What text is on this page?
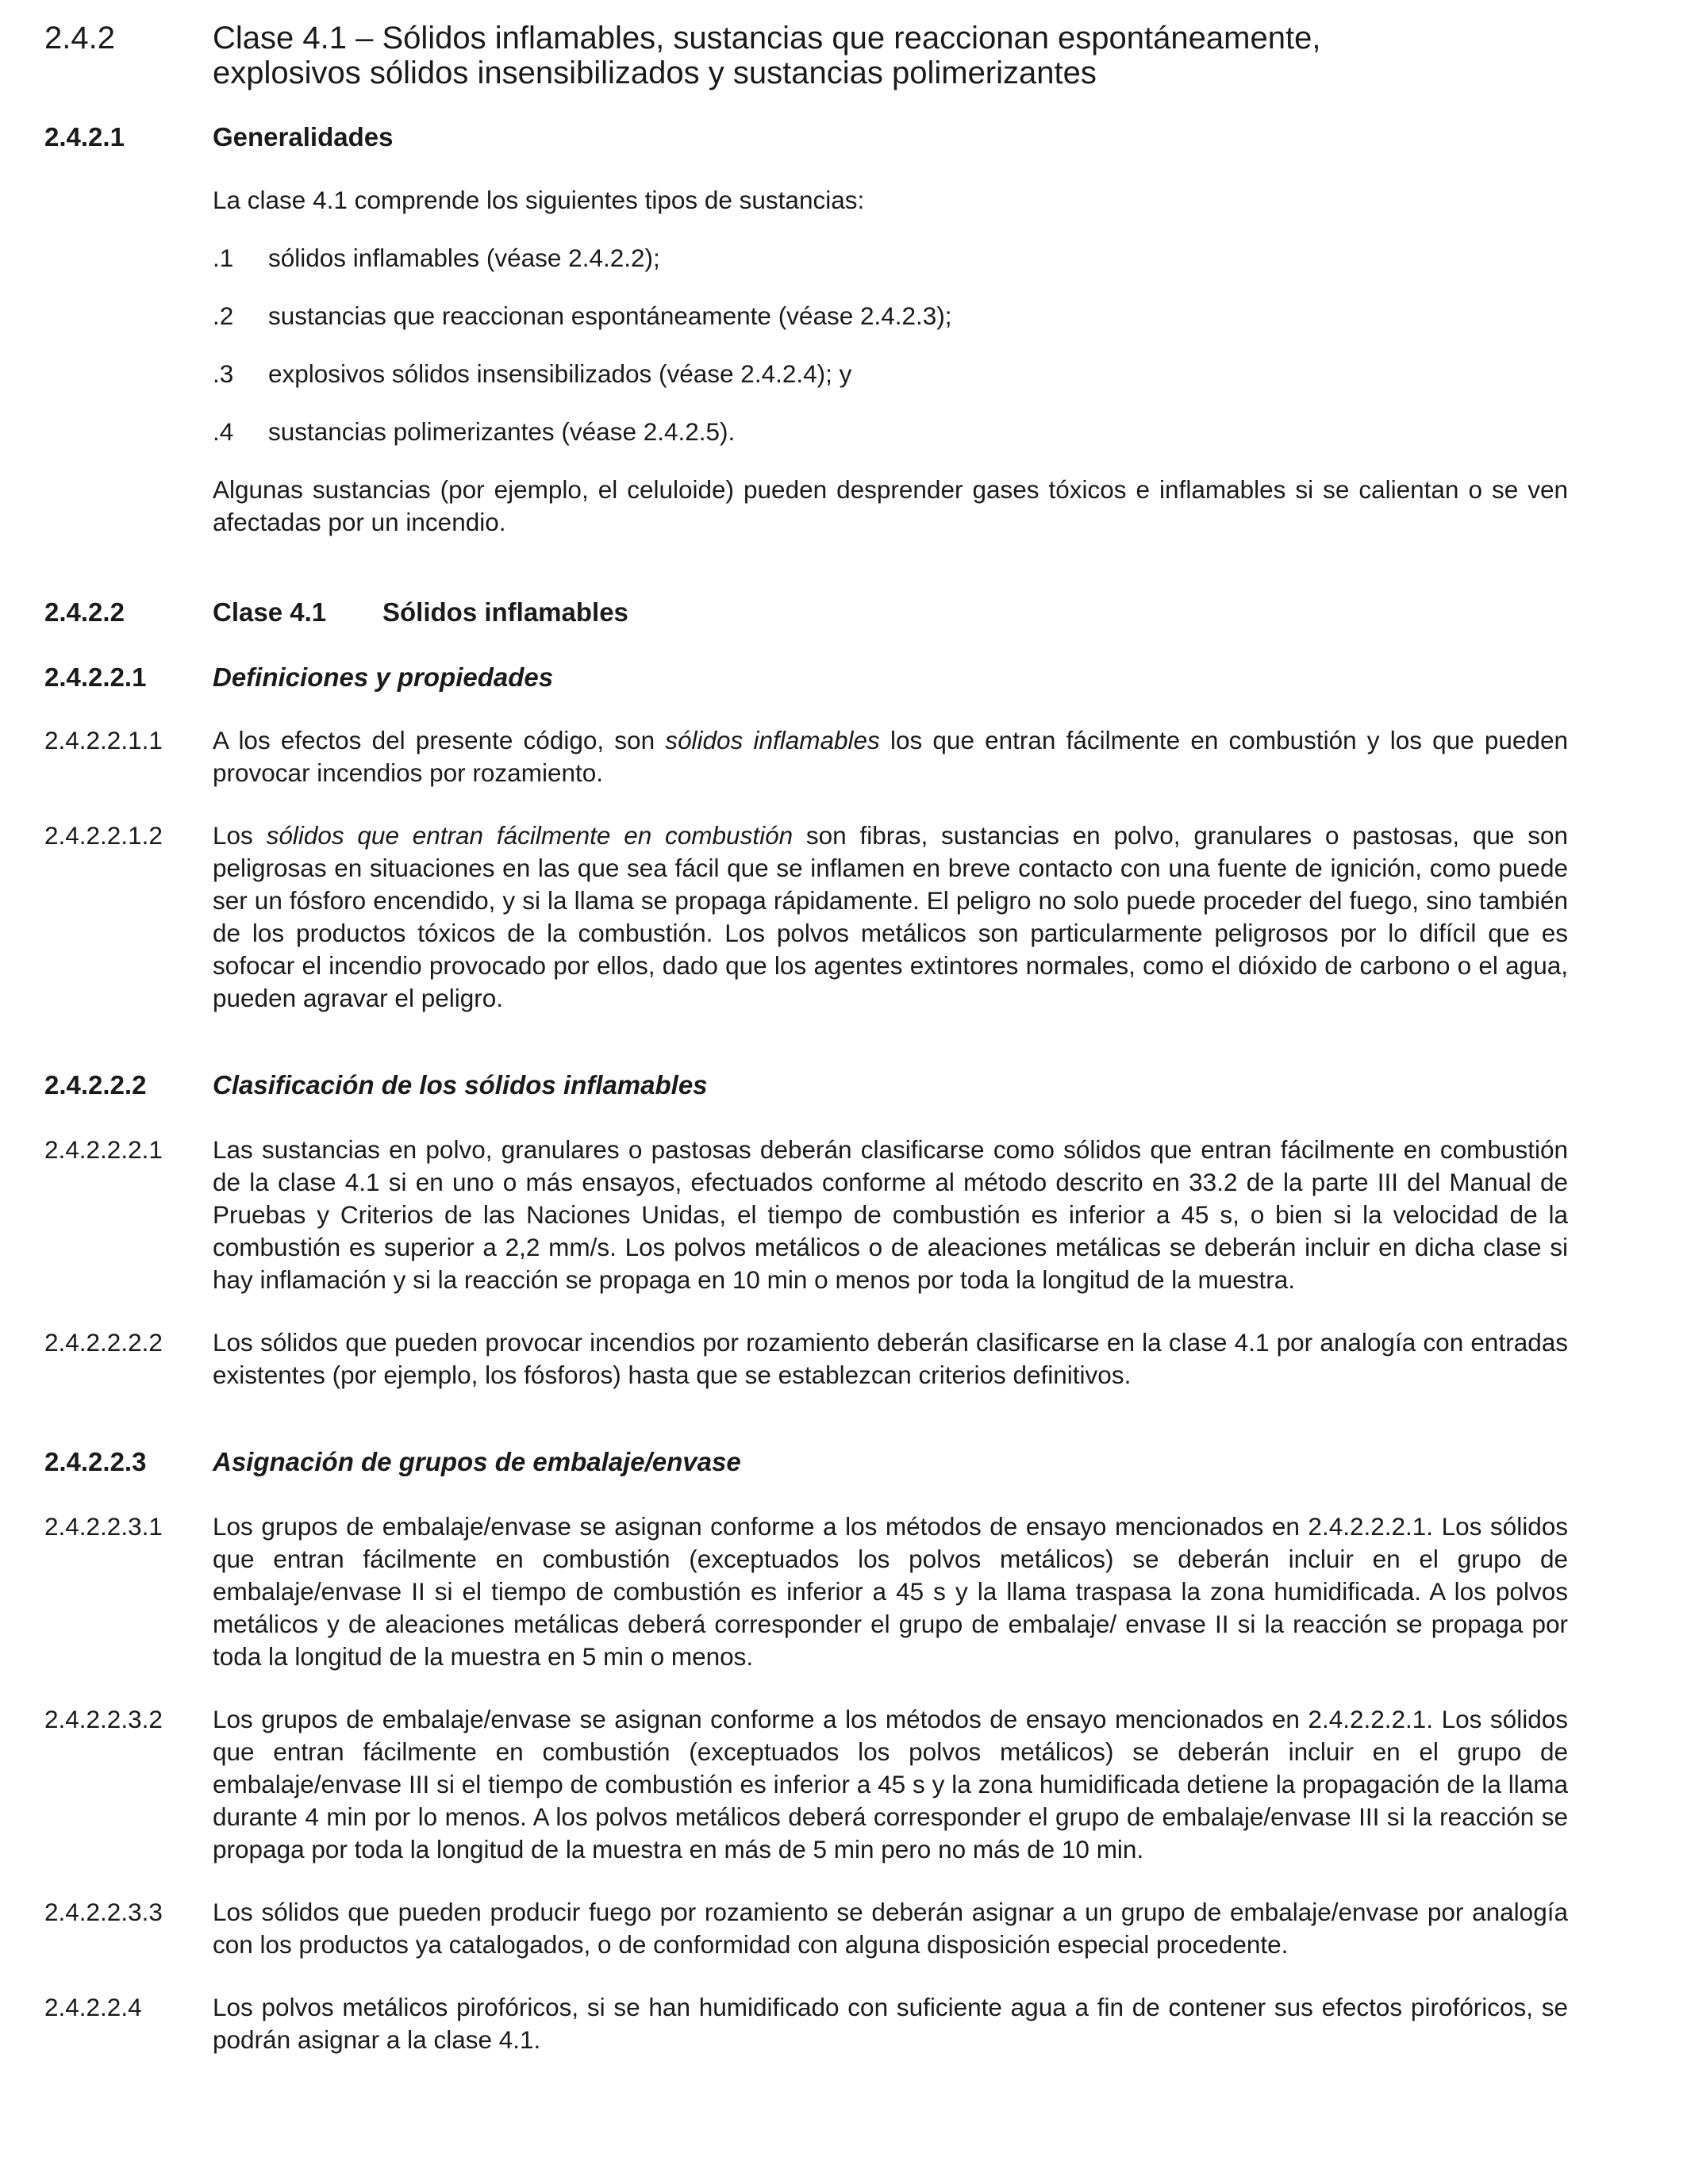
2.4.2	Clase 4.1 – Sólidos inflamables, sustancias que reaccionan espontáneamente,
explosivos sólidos insensibilizados y sustancias polimerizantes
2.4.2.1	Generalidades
La clase 4.1 comprende los siguientes tipos de sustancias:
.1	sólidos inflamables (véase 2.4.2.2);
.2	sustancias que reaccionan espontáneamente (véase 2.4.2.3);
.3	explosivos sólidos insensibilizados (véase 2.4.2.4); y
.4	sustancias polimerizantes (véase 2.4.2.5).
Algunas sustancias (por ejemplo, el celuloide) pueden desprender gases tóxicos e inflamables si se calientan o se ven afectadas por un incendio.
2.4.2.2	Clase 4.1 Sólidos inflamables
2.4.2.2.1	Definiciones y propiedades
2.4.2.2.1.1	A los efectos del presente código, son sólidos inflamables los que entran fácilmente en combustión y los que pueden provocar incendios por rozamiento.
2.4.2.2.1.2	Los sólidos que entran fácilmente en combustión son fibras, sustancias en polvo, granulares o pastosas, que son peligrosas en situaciones en las que sea fácil que se inflamen en breve contacto con una fuente de ignición, como puede ser un fósforo encendido, y si la llama se propaga rápidamente. El peligro no solo puede proceder del fuego, sino también de los productos tóxicos de la combustión. Los polvos metálicos son particularmente peligrosos por lo difícil que es sofocar el incendio provocado por ellos, dado que los agentes extintores normales, como el dióxido de carbono o el agua, pueden agravar el peligro.
2.4.2.2.2	Clasificación de los sólidos inflamables
2.4.2.2.2.1	Las sustancias en polvo, granulares o pastosas deberán clasificarse como sólidos que entran fácilmente en combustión de la clase 4.1 si en uno o más ensayos, efectuados conforme al método descrito en 33.2 de la parte III del Manual de Pruebas y Criterios de las Naciones Unidas, el tiempo de combustión es inferior a 45 s, o bien si la velocidad de la combustión es superior a 2,2 mm/s. Los polvos metálicos o de aleaciones metálicas se deberán incluir en dicha clase si hay inflamación y si la reacción se propaga en 10 min o menos por toda la longitud de la muestra.
2.4.2.2.2.2	Los sólidos que pueden provocar incendios por rozamiento deberán clasificarse en la clase 4.1 por analogía con entradas existentes (por ejemplo, los fósforos) hasta que se establezcan criterios definitivos.
2.4.2.2.3	Asignación de grupos de embalaje/envase
2.4.2.2.3.1	Los grupos de embalaje/envase se asignan conforme a los métodos de ensayo mencionados en 2.4.2.2.2.1. Los sólidos que entran fácilmente en combustión (exceptuados los polvos metálicos) se deberán incluir en el grupo de embalaje/envase II si el tiempo de combustión es inferior a 45 s y la llama traspasa la zona humidificada. A los polvos metálicos y de aleaciones metálicas deberá corresponder el grupo de embalaje/ envase II si la reacción se propaga por toda la longitud de la muestra en 5 min o menos.
2.4.2.2.3.2	Los grupos de embalaje/envase se asignan conforme a los métodos de ensayo mencionados en 2.4.2.2.2.1. Los sólidos que entran fácilmente en combustión (exceptuados los polvos metálicos) se deberán incluir en el grupo de embalaje/envase III si el tiempo de combustión es inferior a 45 s y la zona humidificada detiene la propagación de la llama durante 4 min por lo menos. A los polvos metálicos deberá corresponder el grupo de embalaje/envase III si la reacción se propaga por toda la longitud de la muestra en más de 5 min pero no más de 10 min.
2.4.2.2.3.3	Los sólidos que pueden producir fuego por rozamiento se deberán asignar a un grupo de embalaje/envase por analogía con los productos ya catalogados, o de conformidad con alguna disposición especial procedente.
2.4.2.2.4	Los polvos metálicos pirofóricos, si se han humidificado con suficiente agua a fin de contener sus efectos pirofóricos, se podrán asignar a la clase 4.1.
